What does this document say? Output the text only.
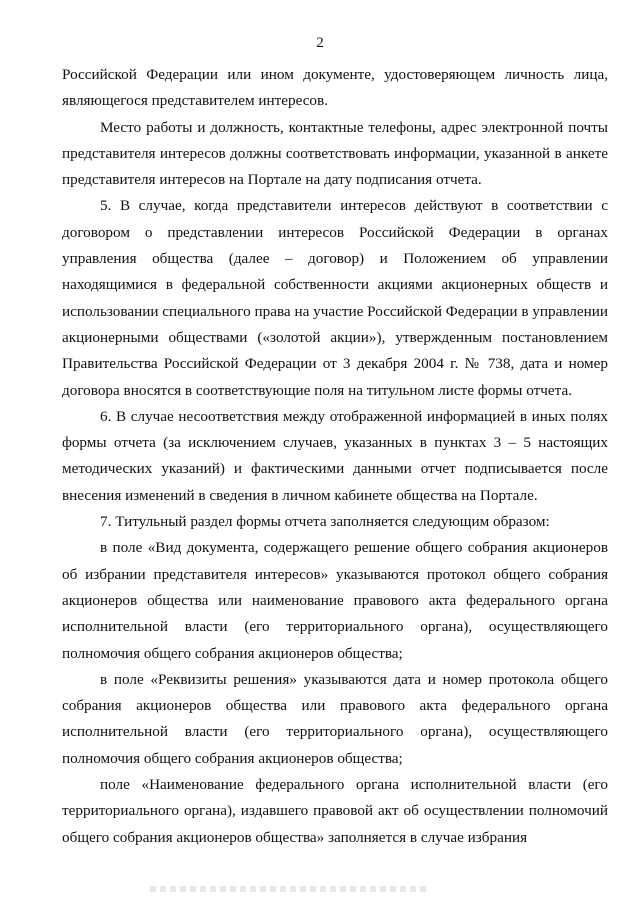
2

Российской Федерации или ином документе, удостоверяющем личность лица, являющегося представителем интересов.

Место работы и должность, контактные телефоны, адрес электронной почты представителя интересов должны соответствовать информации, указанной в анкете представителя интересов на Портале на дату подписания отчета.

5. В случае, когда представители интересов действуют в соответствии с договором о представлении интересов Российской Федерации в органах управления общества (далее – договор) и Положением об управлении находящимися в федеральной собственности акциями акционерных обществ и использовании специального права на участие Российской Федерации в управлении акционерными обществами («золотой акции»), утвержденным постановлением Правительства Российской Федерации от 3 декабря 2004 г. № 738, дата и номер договора вносятся в соответствующие поля на титульном листе формы отчета.

6. В случае несоответствия между отображенной информацией в иных полях формы отчета (за исключением случаев, указанных в пунктах 3 – 5 настоящих методических указаний) и фактическими данными отчет подписывается после внесения изменений в сведения в личном кабинете общества на Портале.

7. Титульный раздел формы отчета заполняется следующим образом:

в поле «Вид документа, содержащего решение общего собрания акционеров об избрании представителя интересов» указываются протокол общего собрания акционеров общества или наименование правового акта федерального органа исполнительной власти (его территориального органа), осуществляющего полномочия общего собрания акционеров общества;

в поле «Реквизиты решения» указываются дата и номер протокола общего собрания акционеров общества или правового акта федерального органа исполнительной власти (его территориального органа), осуществляющего полномочия общего собрания акционеров общества;

поле «Наименование федерального органа исполнительной власти (его территориального органа), издавшего правовой акт об осуществлении полномочий общего собрания акционеров общества» заполняется в случае избрания
